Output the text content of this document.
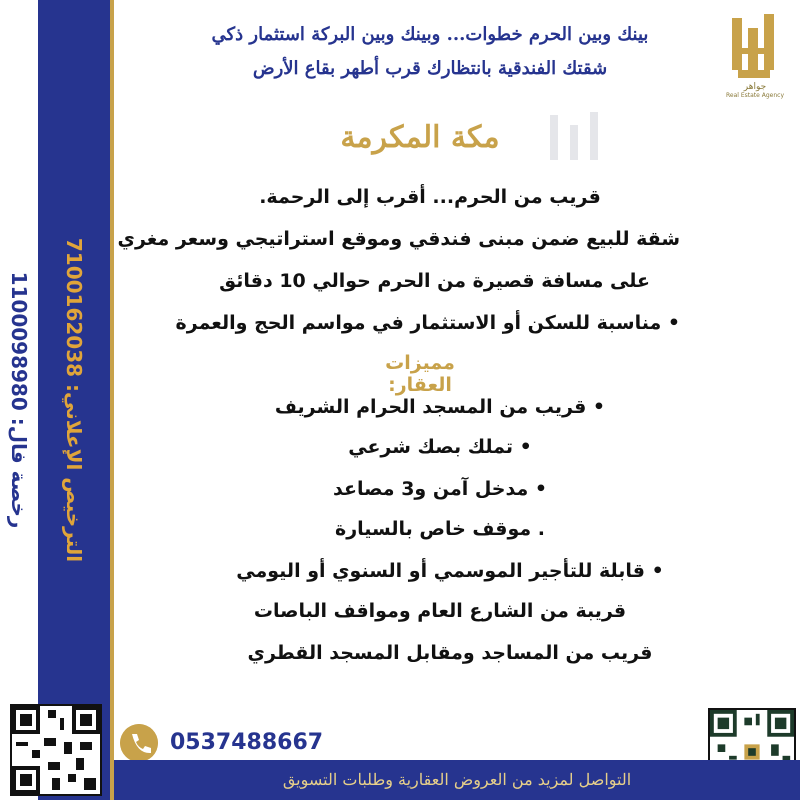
رخصة فال: 1100098980
الترخيص الإعلاني: 7100162038
بينك وبين الحرم خطوات... وبينك وبين البركة استثمار ذكي
شقتك الفندقية بانتظارك قرب أطهر بقاع الأرض
جواهر
Real Estate Agency
مكة المكرمة
قريب من الحرم... أقرب إلى الرحمة.
شقة للبيع ضمن مبنى فندقي وموقع استراتيجي وسعر مغري
على مسافة قصيرة من الحرم حوالي 10 دقائق
• مناسبة للسكن أو الاستثمار في مواسم الحج والعمرة
مميزات العقار:
• قريب من المسجد الحرام الشريف
• تملك بصك شرعي
• مدخل آمن و3 مصاعد
. موقف خاص بالسيارة
• قابلة للتأجير الموسمي أو السنوي أو اليومي
قريبة من الشارع العام ومواقف الباصات
قريب من المساجد ومقابل المسجد القطري
0537488667
التواصل لمزيد من العروض العقارية وطلبات التسويق
